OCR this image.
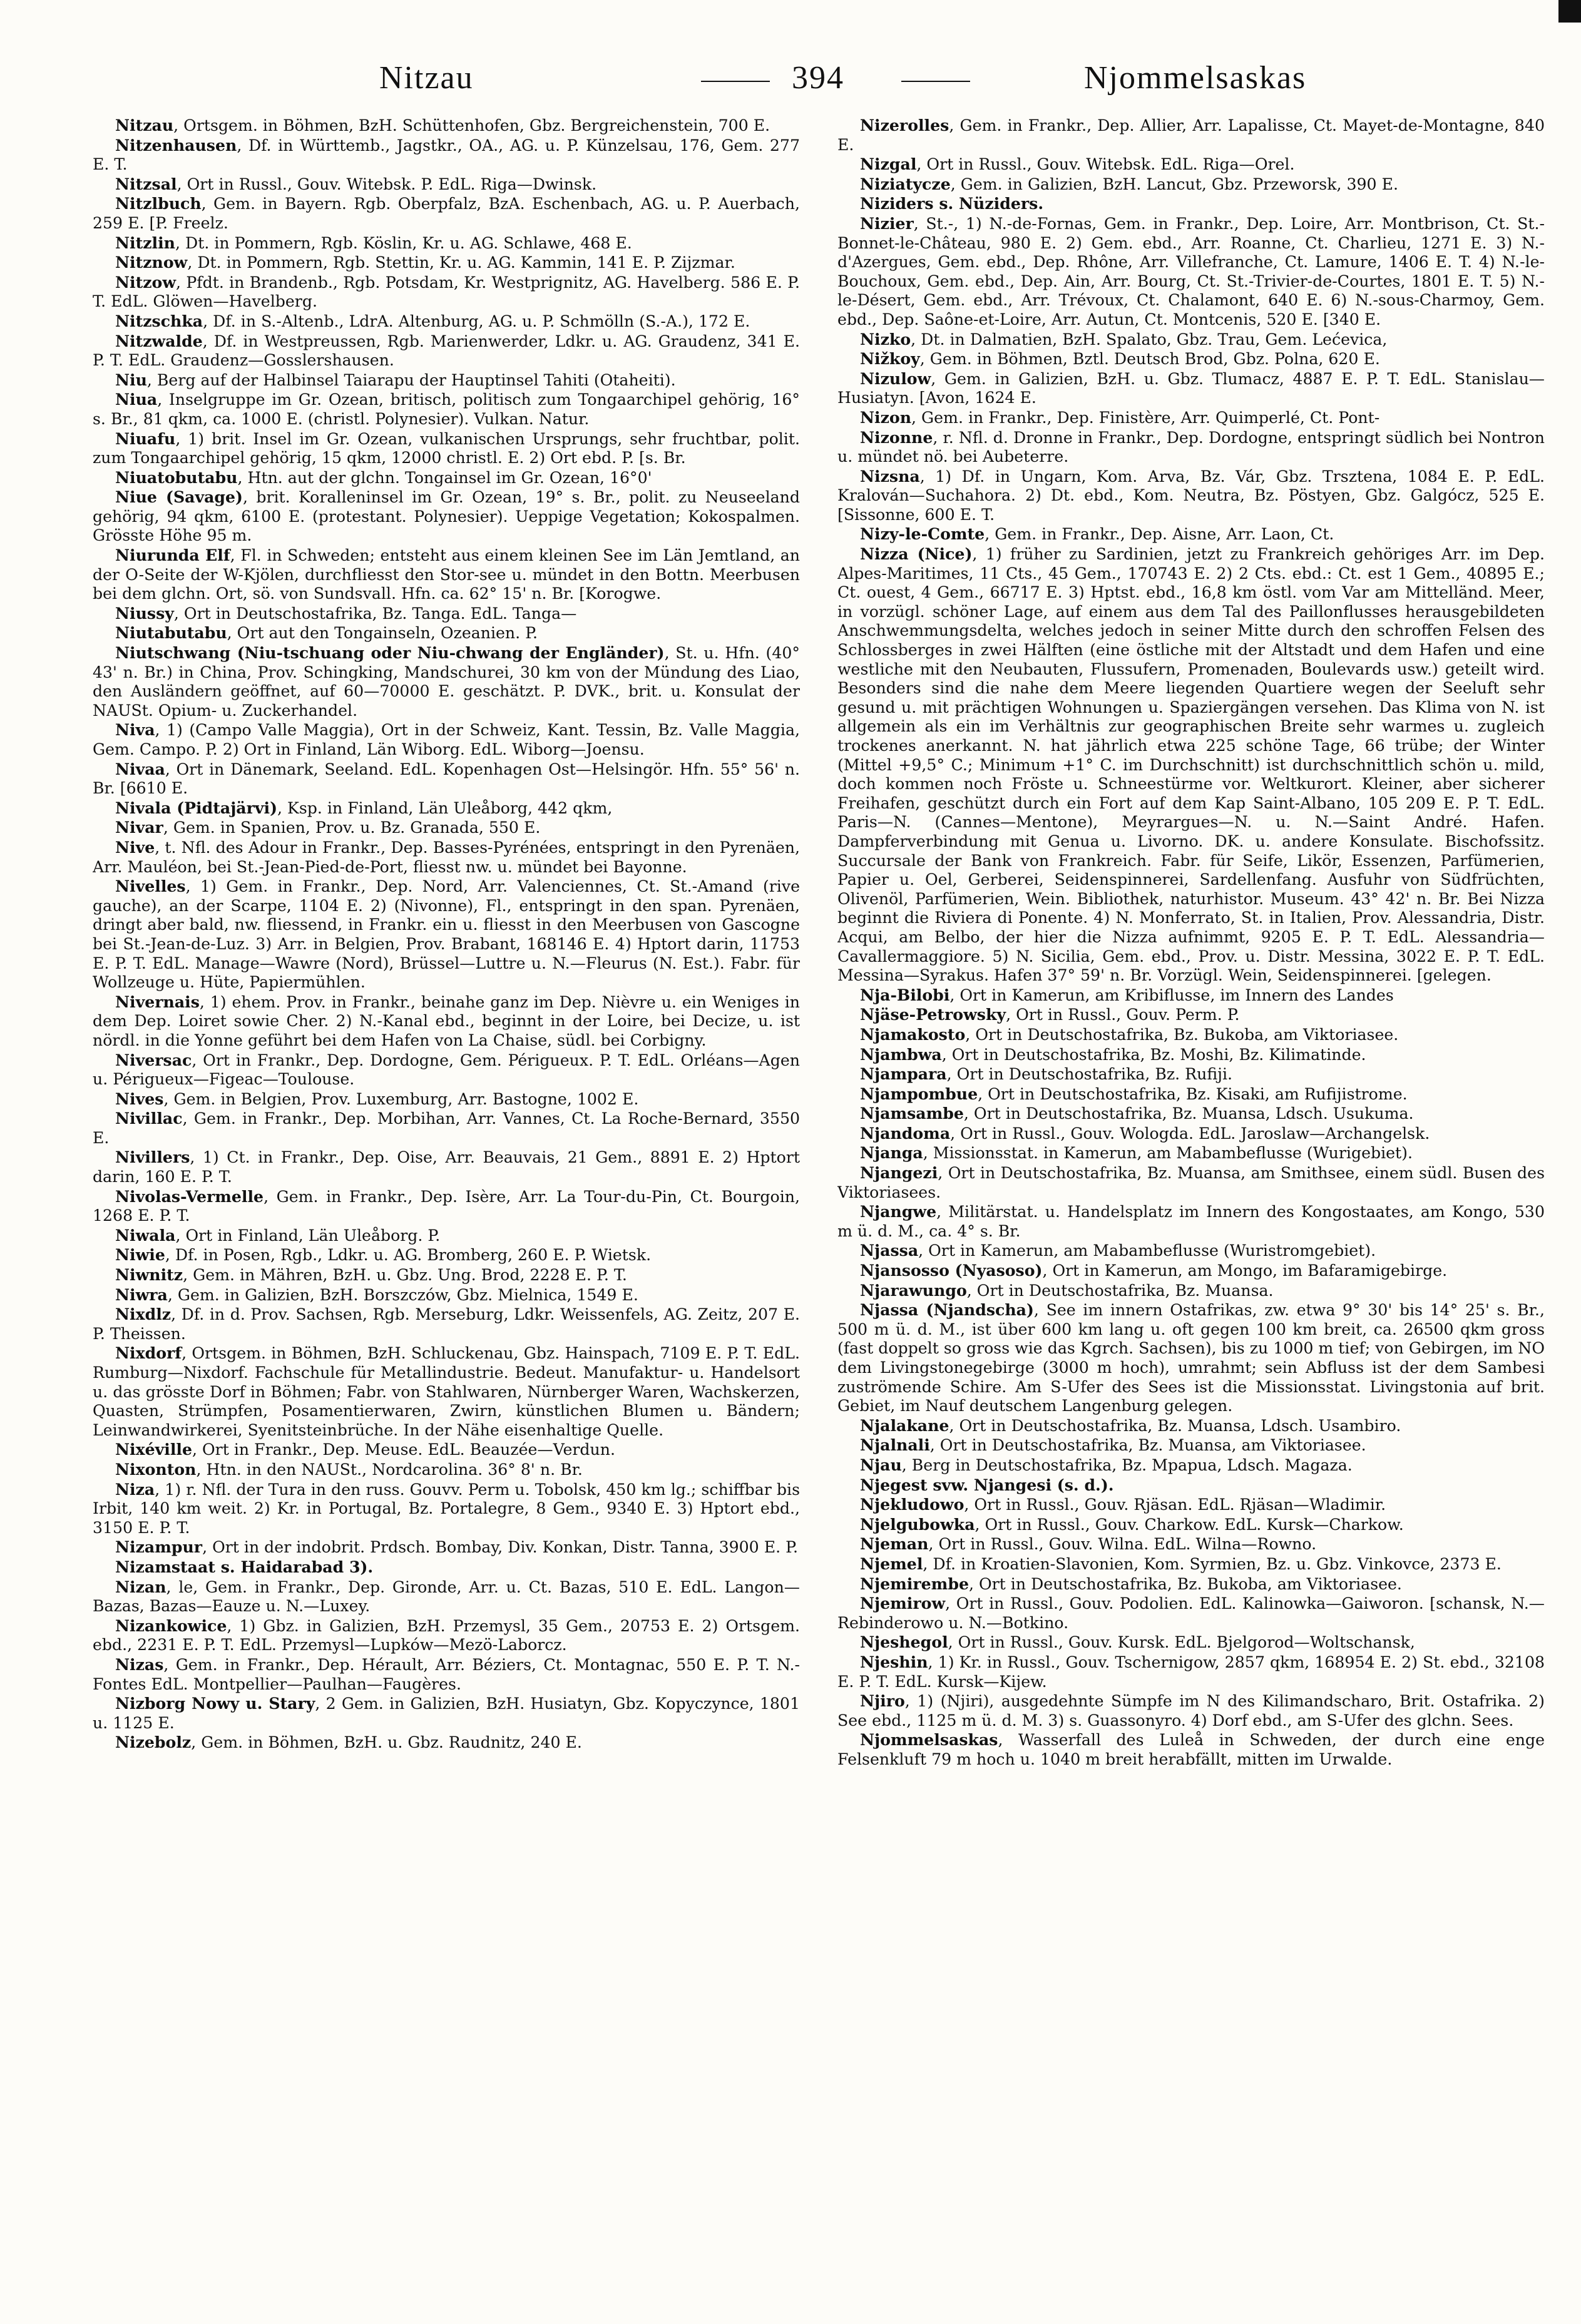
Nitzau	394	Njommelsaskas

Nitzau, Ortsgem. in Böhmen, BzH. Schüttenhofen, Gbz. Bergreichenstein, 700 E.

Nitzenhausen, Df. in Württemb., Jagstkr., OA., AG. u. P. Künzelsau, 176, Gem. 277 E. T.

Nitzsal, Ort in Russl., Gouv. Witebsk. P. EdL. Riga—Dwinsk.

Nitzlbuch, Gem. in Bayern. Rgb. Oberpfalz, BzA. Eschenbach, AG. u. P. Auerbach, 259 E. [P. Freelz.

Nitzlin, Dt. in Pommern, Rgb. Köslin, Kr. u. AG. Schlawe, 468 E.

Nitznow, Dt. in Pommern, Rgb. Stettin, Kr. u. AG. Kammin, 141 E. P. Zijzmar.

Nitzow, Pfdt. in Brandenb., Rgb. Potsdam, Kr. Westprignitz, AG. Havelberg. 586 E. P. T. EdL. Glöwen—Havelberg.

Nitzschka, Df. in S.-Altenb., LdrA. Altenburg, AG. u. P. Schmölln (S.-A.), 172 E.

Nitzwalde, Df. in Westpreussen, Rgb. Marienwerder, Ldkr. u. AG. Graudenz, 341 E. P. T. EdL. Graudenz—Gosslershausen.

Niu, Berg auf der Halbinsel Taiarapu der Hauptinsel Tahiti (Otaheiti).

Niua, Inselgruppe im Gr. Ozean, britisch, politisch zum Tongaarchipel gehörig, 16° s. Br., 81 qkm, ca. 1000 E. (christl. Polynesier). Vulkan. Natur.

Niuafu, 1) brit. Insel im Gr. Ozean, vulkanischen Ursprungs, sehr fruchtbar, polit. zum Tongaarchipel gehörig, 15 qkm, 12000 christl. E. 2) Ort ebd. P. [s. Br.

Niuatobutabu, Htn. aut der glchn. Tongainsel im Gr. Ozean, 16°0'

Niue (Savage), brit. Koralleninsel im Gr. Ozean, 19° s. Br., polit. zu Neuseeland gehörig, 94 qkm, 6100 E. (protestant. Polynesier). Ueppige Vegetation; Kokospalmen. Grösste Höhe 95 m.

Niurunda Elf, Fl. in Schweden; entsteht aus einem kleinen See im Län Jemtland, an der O-Seite der W-Kjölen, durchfliesst den Stor-see u. mündet in den Bottn. Meerbusen bei dem glchn. Ort, sö. von Sundsvall. Hfn. ca. 62° 15' n. Br. [Korogwe.

Niussy, Ort in Deutschostafrika, Bz. Tanga. EdL. Tanga—

Niutabutabu, Ort aut den Tongainseln, Ozeanien. P.

Niutschwang (Niu-tschuang oder Niu-chwang der Engländer), St. u. Hfn. (40° 43' n. Br.) in China, Prov. Schingking, Mandschurei, 30 km von der Mündung des Liao, den Ausländern geöffnet, auf 60—70000 E. geschätzt. P. DVK., brit. u. Konsulat der NAUSt. Opium- u. Zuckerhandel.

Niva, 1) (Campo Valle Maggia), Ort in der Schweiz, Kant. Tessin, Bz. Valle Maggia, Gem. Campo. P. 2) Ort in Finland, Län Wiborg. EdL. Wiborg—Joensu.

Nivaa, Ort in Dänemark, Seeland. EdL. Kopenhagen Ost—Helsingör. Hfn. 55° 56' n. Br. [6610 E.

Nivala (Pidtajärvi), Ksp. in Finland, Län Uleåborg, 442 qkm,

Nivar, Gem. in Spanien, Prov. u. Bz. Granada, 550 E.

Nive, t. Nfl. des Adour in Frankr., Dep. Basses-Pyrénées, entspringt in den Pyrenäen, Arr. Mauléon, bei St.-Jean-Pied-de-Port, fliesst nw. u. mündet bei Bayonne.

Nivelles, 1) Gem. in Frankr., Dep. Nord, Arr. Valenciennes, Ct. St.-Amand (rive gauche), an der Scarpe, 1104 E. 2) (Nivonne), Fl., entspringt in den span. Pyrenäen, dringt aber bald, nw. fliessend, in Frankr. ein u. fliesst in den Meerbusen von Gascogne bei St.-Jean-de-Luz. 3) Arr. in Belgien, Prov. Brabant, 168146 E. 4) Hptort darin, 11753 E. P. T. EdL. Manage—Wawre (Nord), Brüssel—Luttre u. N.—Fleurus (N. Est.). Fabr. für Wollzeuge u. Hüte, Papiermühlen.

Nivernais, 1) ehem. Prov. in Frankr., beinahe ganz im Dep. Nièvre u. ein Weniges in dem Dep. Loiret sowie Cher. 2) N.-Kanal ebd., beginnt in der Loire, bei Decize, u. ist nördl. in die Yonne geführt bei dem Hafen von La Chaise, südl. bei Corbigny.

Niversac, Ort in Frankr., Dep. Dordogne, Gem. Périgueux. P. T. EdL. Orléans—Agen u. Périgueux—Figeac—Toulouse.

Nives, Gem. in Belgien, Prov. Luxemburg, Arr. Bastogne, 1002 E.

Nivillac, Gem. in Frankr., Dep. Morbihan, Arr. Vannes, Ct. La Roche-Bernard, 3550 E.

Nivillers, 1) Ct. in Frankr., Dep. Oise, Arr. Beauvais, 21 Gem., 8891 E. 2) Hptort darin, 160 E. P. T.

Nivolas-Vermelle, Gem. in Frankr., Dep. Isère, Arr. La Tour-du-Pin, Ct. Bourgoin, 1268 E. P. T.

Niwala, Ort in Finland, Län Uleåborg. P.

Niwie, Df. in Posen, Rgb., Ldkr. u. AG. Bromberg, 260 E. P. Wietsk.

Niwnitz, Gem. in Mähren, BzH. u. Gbz. Ung. Brod, 2228 E. P. T.

Niwra, Gem. in Galizien, BzH. Borszczów, Gbz. Mielnica, 1549 E.

Nixdlz, Df. in d. Prov. Sachsen, Rgb. Merseburg, Ldkr. Weissenfels, AG. Zeitz, 207 E. P. Theissen.

Nixdorf, Ortsgem. in Böhmen, BzH. Schluckenau, Gbz. Hainspach, 7109 E. P. T. EdL. Rumburg—Nixdorf. Fachschule für Metallindustrie. Bedeut. Manufaktur- u. Handelsort u. das grösste Dorf in Böhmen; Fabr. von Stahlwaren, Nürnberger Waren, Wachskerzen, Quasten, Strümpfen, Posamentierwaren, Zwirn, künstlichen Blumen u. Bändern; Leinwandwirkerei, Syenitsteinbrüche. In der Nähe eisenhaltige Quelle.

Nixéville, Ort in Frankr., Dep. Meuse. EdL. Beauzée—Verdun.

Nixonton, Htn. in den NAUSt., Nordcarolina. 36° 8' n. Br.

Nizа, 1) r. Nfl. der Tura in den russ. Gouvv. Perm u. Tobolsk, 450 km lg.; schiffbar bis Irbit, 140 km weit. 2) Kr. in Portugal, Bz. Portalegre, 8 Gem., 9340 E. 3) Hptort ebd., 3150 E. P. T.

Nizampur, Ort in der indobrit. Prdsch. Bombay, Div. Konkan, Distr. Tanna, 3900 E. P.

Nizamstaat s. Haidarabad 3).

Nizan, le, Gem. in Frankr., Dep. Gironde, Arr. u. Ct. Bazas, 510 E. EdL. Langon—Bazas, Bazas—Eauze u. N.—Luxey.

Nizankowice, 1) Gbz. in Galizien, BzH. Przemysl, 35 Gem., 20753 E. 2) Ortsgem. ebd., 2231 E. P. T. EdL. Przemysl—Lupków—Mezö-Laborcz.

Nizas, Gem. in Frankr., Dep. Hérault, Arr. Béziers, Ct. Montagnac, 550 E. P. T. N.-Fontes EdL. Montpellier—Paulhan—Faugères.

Nizborg Nowy u. Stary, 2 Gem. in Galizien, BzH. Husiatyn, Gbz. Kopyczynce, 1801 u. 1125 E.

Nizebolz, Gem. in Böhmen, BzH. u. Gbz. Raudnitz, 240 E.

Nizerolles, Gem. in Frankr., Dep. Allier, Arr. Lapalisse, Ct. Mayet-de-Montagne, 840 E.

Nizgal, Ort in Russl., Gouv. Witebsk. EdL. Riga—Orel.

Niziatycze, Gem. in Galizien, BzH. Lancut, Gbz. Przeworsk, 390 E.

Niziders s. Nüziders.

Nizier, St.-, 1) N.-de-Fornas, Gem. in Frankr., Dep. Loire, Arr. Montbrison, Ct. St.-Bonnet-le-Château, 980 E. 2) Gem. ebd., Arr. Roanne, Ct. Charlieu, 1271 E. 3) N.-d'Azergues, Gem. ebd., Dep. Rhône, Arr. Villefranche, Ct. Lamure, 1406 E. T. 4) N.-le-Bouchoux, Gem. ebd., Dep. Ain, Arr. Bourg, Ct. St.-Trivier-de-Courtes, 1801 E. T. 5) N.-le-Désert, Gem. ebd., Arr. Trévoux, Ct. Chalamont, 640 E. 6) N.-sous-Charmoy, Gem. ebd., Dep. Saône-et-Loire, Arr. Autun, Ct. Montcenis, 520 E. [340 E.

Nizko, Dt. in Dalmatien, BzH. Spalato, Gbz. Trau, Gem. Lećevica,

Nižkoy, Gem. in Böhmen, Bztl. Deutsch Brod, Gbz. Polna, 620 E.

Nizulow, Gem. in Galizien, BzH. u. Gbz. Tlumacz, 4887 E. P. T. EdL. Stanislau—Husiatyn. [Avon, 1624 E.

Nizon, Gem. in Frankr., Dep. Finistère, Arr. Quimperlé, Ct. Pont-

Nizonne, r. Nfl. d. Dronne in Frankr., Dep. Dordogne, entspringt südlich bei Nontron u. mündet nö. bei Aubeterre.

Nizsna, 1) Df. in Ungarn, Kom. Arva, Bz. Vár, Gbz. Trsztena, 1084 E. P. EdL. Kralován—Suchahora. 2) Dt. ebd., Kom. Neutra, Bz. Pöstyen, Gbz. Galgócz, 525 E. [Sissonne, 600 E. T.

Nizy-le-Comte, Gem. in Frankr., Dep. Aisne, Arr. Laon, Ct.

Nizza (Nice), 1) früher zu Sardinien, jetzt zu Frankreich gehöriges Arr. im Dep. Alpes-Maritimes, 11 Cts., 45 Gem., 170743 E. 2) 2 Cts. ebd.: Ct. est 1 Gem., 40895 E.; Ct. ouest, 4 Gem., 66717 E. 3) Hptst. ebd., 16,8 km östl. vom Var am Mittelländ. Meer, in vorzügl. schöner Lage, auf einem aus dem Tal des Paillonflusses herausgebildeten Anschwemmungsdelta, welches jedoch in seiner Mitte durch den schroffen Felsen des Schlossberges in zwei Hälften (eine östliche mit der Altstadt und dem Hafen und eine westliche mit den Neubauten, Flussufern, Promenaden, Boulevards usw.) geteilt wird. Besonders sind die nahe dem Meere liegenden Quartiere wegen der Seeluft sehr gesund u. mit prächtigen Wohnungen u. Spaziergängen versehen. Das Klima von N. ist allgemein als ein im Verhältnis zur geographischen Breite sehr warmes u. zugleich trockenes anerkannt. N. hat jährlich etwa 225 schöne Tage, 66 trübe; der Winter (Mittel +9,5° C.; Minimum +1° C. im Durchschnitt) ist durchschnittlich schön u. mild, doch kommen noch Fröste u. Schneestürme vor. Weltkurort. Kleiner, aber sicherer Freihafen, geschützt durch ein Fort auf dem Kap Saint-Albano, 105 209 E. P. T. EdL. Paris—N. (Cannes—Mentone), Meyrargues—N. u. N.—Saint André. Hafen. Dampferverbindung mit Genua u. Livorno. DK. u. andere Konsulate. Bischofssitz. Succursale der Bank von Frankreich. Fabr. für Seife, Likör, Essenzen, Parfümerien, Papier u. Oel, Gerberei, Seidenspinnerei, Sardellenfang. Ausfuhr von Südfrüchten, Olivenöl, Parfümerien, Wein. Bibliothek, naturhistor. Museum. 43° 42' n. Br. Bei Nizza beginnt die Riviera di Ponente. 4) N. Monferrato, St. in Italien, Prov. Alessandria, Distr. Acqui, am Belbo, der hier die Nizza aufnimmt, 9205 E. P. T. EdL. Alessandria—Cavallermaggiore. 5) N. Sicilia, Gem. ebd., Prov. u. Distr. Messina, 3022 E. P. T. EdL. Messina—Syrakus. Hafen 37° 59' n. Br. Vorzügl. Wein, Seidenspinnerei. [gelegen.

Nja-Bilobi, Ort in Kamerun, am Kribiflusse, im Innern des Landes

Njäse-Petrowsky, Ort in Russl., Gouv. Perm. P.

Njamakosto, Ort in Deutschostafrika, Bz. Bukoba, am Viktoriasee.

Njambwa, Ort in Deutschostafrika, Bz. Moshi, Bz. Kilimatinde.

Njampara, Ort in Deutschostafrika, Bz. Rufiji.

Njampombue, Ort in Deutschostafrika, Bz. Kisaki, am Rufijistrome.

Njamsambe, Ort in Deutschostafrika, Bz. Muansa, Ldsch. Usukuma.

Njandoma, Ort in Russl., Gouv. Wologda. EdL. Jaroslaw—Archangelsk.

Njanga, Missionsstat. in Kamerun, am Mabambeflusse (Wurigebiet).

Njangezi, Ort in Deutschostafrika, Bz. Muansa, am Smithsee, einem südl. Busen des Viktoriasees.

Njangwe, Militärstat. u. Handelsplatz im Innern des Kongostaates, am Kongo, 530 m ü. d. M., ca. 4° s. Br.

Njassa, Ort in Kamerun, am Mabambeflusse (Wuristromgebiet).

Njansosso (Nyasoso), Ort in Kamerun, am Mongo, im Bafaramigebirge.

Njarawungo, Ort in Deutschostafrika, Bz. Muansa.

Njassa (Njandscha), See im innern Ostafrikas, zw. etwa 9° 30' bis 14° 25' s. Br., 500 m ü. d. M., ist über 600 km lang u. oft gegen 100 km breit, ca. 26500 qkm gross (fast doppelt so gross wie das Kgrch. Sachsen), bis zu 1000 m tief; von Gebirgen, im NO dem Livingstonegebirge (3000 m hoch), umrahmt; sein Abfluss ist der dem Sambesi zuströmende Schire. Am S-Ufer des Sees ist die Missionsstat. Livingstonia auf brit. Gebiet, im Nauf deutschem Langenburg gelegen.

Njalakane, Ort in Deutschostafrika, Bz. Muansa, Ldsch. Usambiro.

Njalnali, Ort in Deutschostafrika, Bz. Muansa, am Viktoriasee.

Njau, Berg in Deutschostafrika, Bz. Mpapua, Ldsch. Magaza.

Njegest svw. Njangesi (s. d.).

Njekludowo, Ort in Russl., Gouv. Rjäsan. EdL. Rjäsan—Wladimir.

Njelgubowka, Ort in Russl., Gouv. Charkow. EdL. Kursk—Charkow.

Njeman, Ort in Russl., Gouv. Wilna. EdL. Wilna—Rowno.

Njemel, Df. in Kroatien-Slavonien, Kom. Syrmien, Bz. u. Gbz. Vinkovce, 2373 E.

Njemirembe, Ort in Deutschostafrika, Bz. Bukoba, am Viktoriasee.

Njemirow, Ort in Russl., Gouv. Podolien. EdL. Kalinowka—Gaiworon. [schansk, N.—Rebinderowo u. N.—Botkino.

Njeshegol, Ort in Russl., Gouv. Kursk. EdL. Bjelgorod—Woltschansk,

Njeshin, 1) Kr. in Russl., Gouv. Tschernigow, 2857 qkm, 168954 E. 2) St. ebd., 32108 E. P. T. EdL. Kursk—Kijew.

Njiro, 1) (Njiri), ausgedehnte Sümpfe im N des Kilimandscharo, Brit. Ostafrika. 2) See ebd., 1125 m ü. d. M. 3) s. Guassonyro. 4) Dorf ebd., am S-Ufer des glchn. Sees.

Njommelsaskas, Wasserfall des Luleå in Schweden, der durch eine enge Felsenkluft 79 m hoch u. 1040 m breit herabfällt, mitten im Urwalde.
